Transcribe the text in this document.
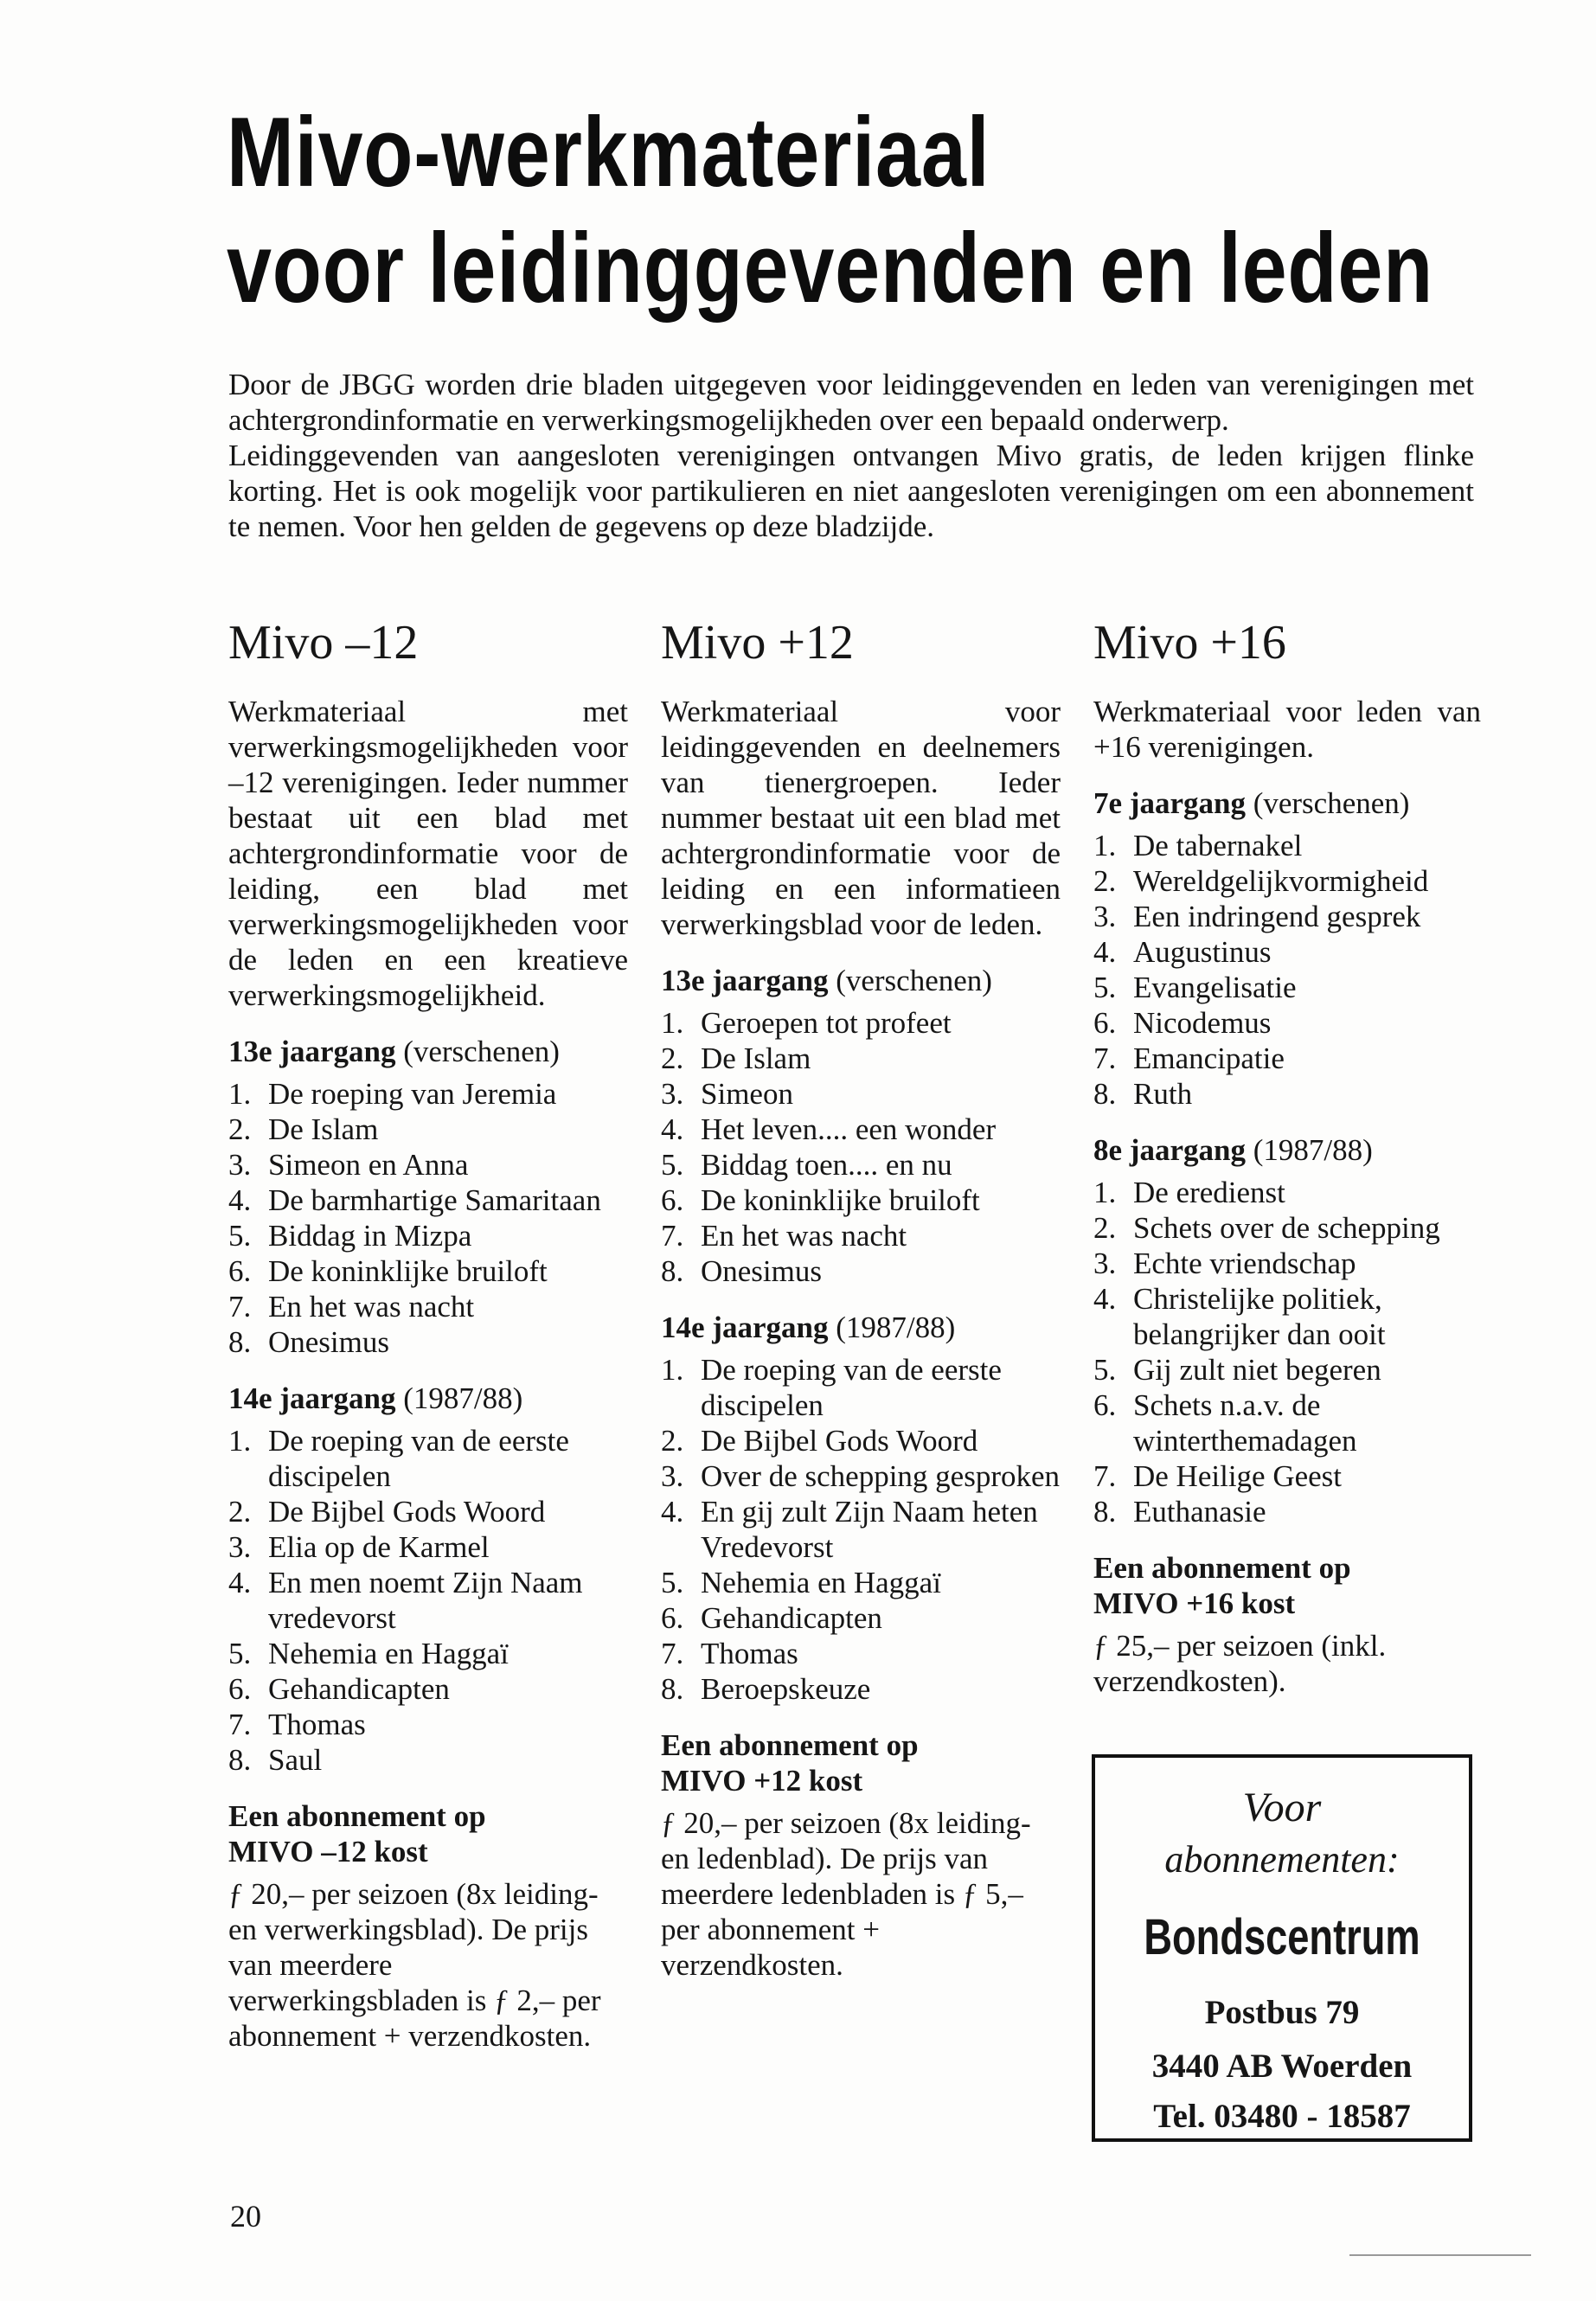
Mivo-werkmateriaal
voor leidinggevenden en leden

Door de JBGG worden drie bladen uitgegeven voor leidinggevenden en leden van verenigingen met achtergrondinformatie en verwerkingsmogelijkheden over een bepaald onderwerp.

Leidinggevenden van aangesloten verenigingen ontvangen Mivo gratis, de leden krijgen flinke korting. Het is ook mogelijk voor partikulieren en niet aangesloten verenigingen om een abonnement te nemen. Voor hen gelden de gegevens op deze bladzijde.

Mivo –12

Werkmateriaal met verwerkingsmogelijkheden voor –12 verenigingen. Ieder nummer bestaat uit een blad met achtergrondinformatie voor de leiding, een blad met verwerkingsmogelijkheden voor de leden en een kreatieve verwerkingsmogelijkheid.

13e jaargang (verschenen)

1. De roeping van Jeremia
2. De Islam
3. Simeon en Anna
4. De barmhartige Samaritaan
5. Biddag in Mizpa
6. De koninklijke bruiloft
7. En het was nacht
8. Onesimus

14e jaargang (1987/88)

1. De roeping van de eerste discipelen
2. De Bijbel Gods Woord
3. Elia op de Karmel
4. En men noemt Zijn Naam vredevorst
5. Nehemia en Haggaï
6. Gehandicapten
7. Thomas
8. Saul

Een abonnement op
MIVO –12 kost

ƒ 20,– per seizoen (8x leiding- en verwerkingsblad). De prijs van meerdere verwerkingsbladen is ƒ 2,– per abonnement + verzendkosten.

Mivo +12

Werkmateriaal voor leidinggevenden en deelnemers van tienergroepen. Ieder nummer bestaat uit een blad met achtergrondinformatie voor de leiding en een informatieen verwerkingsblad voor de leden.

13e jaargang (verschenen)

1. Geroepen tot profeet
2. De Islam
3. Simeon
4. Het leven.... een wonder
5. Biddag toen.... en nu
6. De koninklijke bruiloft
7. En het was nacht
8. Onesimus

14e jaargang (1987/88)

1. De roeping van de eerste discipelen
2. De Bijbel Gods Woord
3. Over de schepping gesproken
4. En gij zult Zijn Naam heten Vredevorst
5. Nehemia en Haggaï
6. Gehandicapten
7. Thomas
8. Beroepskeuze

Een abonnement op
MIVO +12 kost

ƒ 20,– per seizoen (8x leiding- en ledenblad). De prijs van meerdere ledenbladen is ƒ 5,– per abonnement + verzendkosten.

Mivo +16

Werkmateriaal voor leden van +16 verenigingen.

7e jaargang (verschenen)

1. De tabernakel
2. Wereldgelijkvormigheid
3. Een indringend gesprek
4. Augustinus
5. Evangelisatie
6. Nicodemus
7. Emancipatie
8. Ruth

8e jaargang (1987/88)

1. De eredienst
2. Schets over de schepping
3. Echte vriendschap
4. Christelijke politiek, belangrijker dan ooit
5. Gij zult niet begeren
6. Schets n.a.v. de winterthemadagen
7. De Heilige Geest
8. Euthanasie

Een abonnement op
MIVO +16 kost

ƒ 25,– per seizoen (inkl. verzendkosten).

Voor
abonnementen:
Bondscentrum
Postbus 79
3440 AB Woerden
Tel. 03480 - 18587
20
